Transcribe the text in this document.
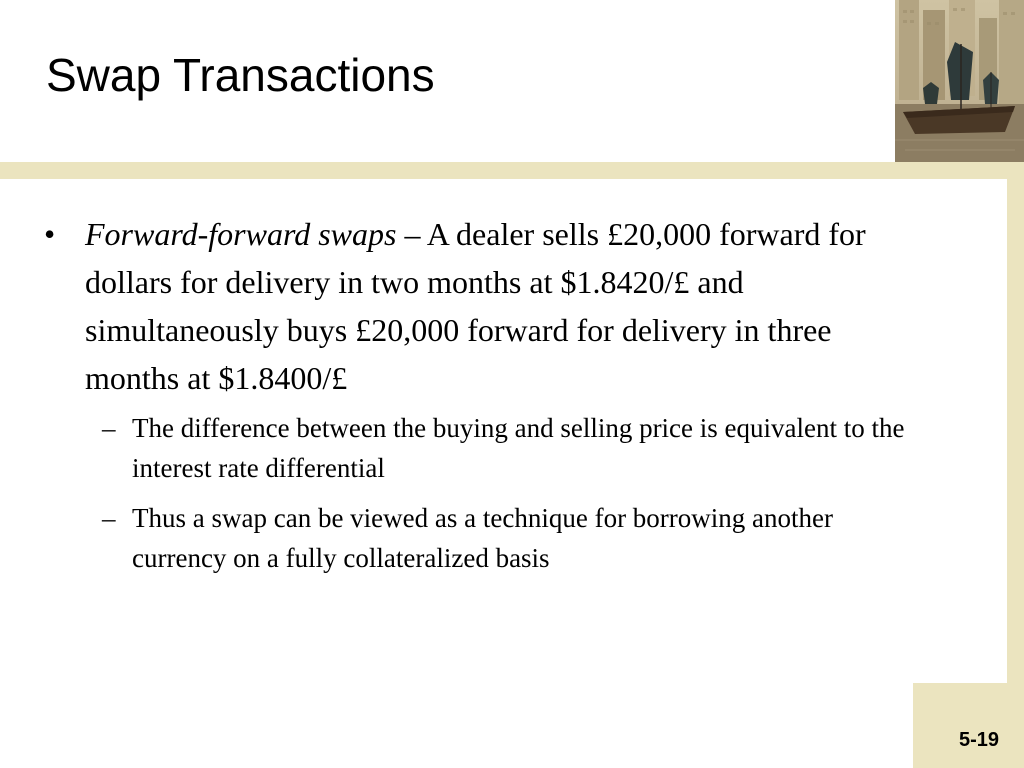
Swap Transactions
5-19
• Forward-forward swaps – A dealer sells £20,000 forward for dollars for delivery in two months at $1.8420/£ and simultaneously buys £20,000 forward for delivery in three months at $1.8400/£
– The difference between the buying and selling price is equivalent to the interest rate differential
– Thus a swap can be viewed as a technique for borrowing another currency on a fully collateralized basis
